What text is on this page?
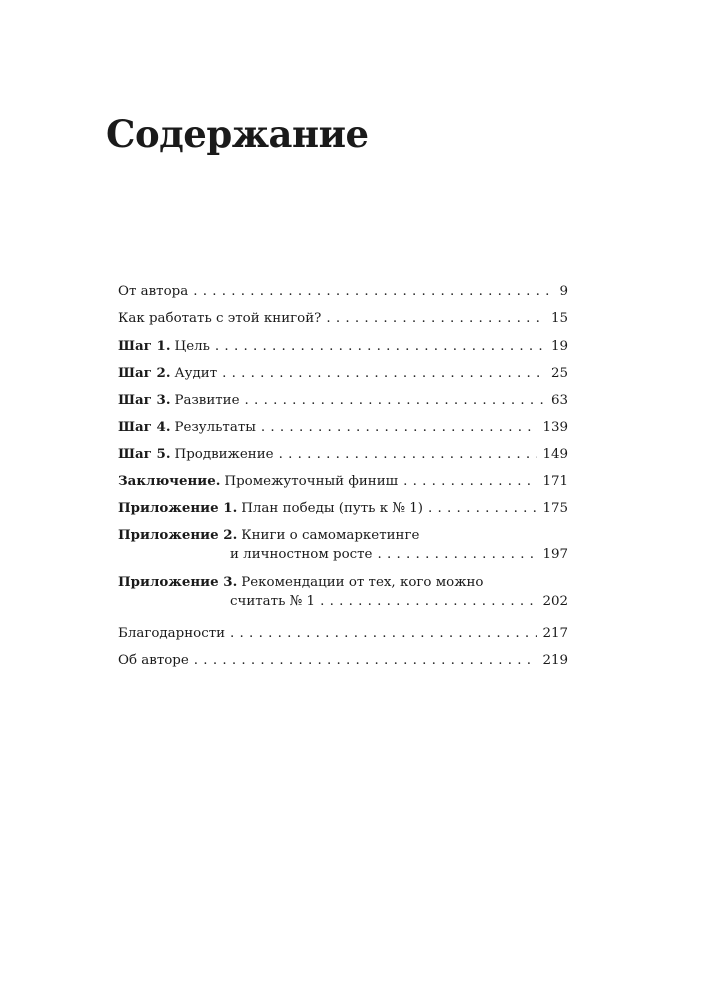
Содержание
От автора . . .	9
Как работать с этой книгой? . . .	15
Шаг 1. Цель . . .	19
Шаг 2. Аудит . . .	25
Шаг 3. Развитие . . .	63
Шаг 4. Результаты . . .	139
Шаг 5. Продвижение . . .	149
Заключение. Промежуточный финиш . . .	171
Приложение 1. План победы (путь к № 1) . . .	175
Приложение 2. Книги о самомаркетинге
и личностном росте . . .	197
Приложение 3. Рекомендации от тех, кого можно
считать № 1 . . .	202
Благодарности . . .	217
Об авторе . . .	219
